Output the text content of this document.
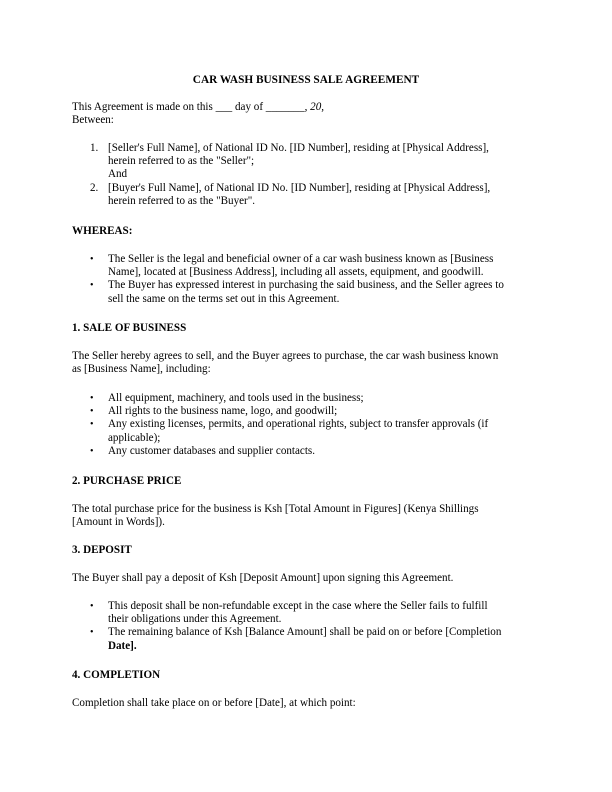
CAR WASH BUSINESS SALE AGREEMENT
This Agreement is made on this ___ day of _______, 20,
Between:
1. [Seller's Full Name], of National ID No. [ID Number], residing at [Physical Address],
herein referred to as the "Seller";
And
2. [Buyer's Full Name], of National ID No. [ID Number], residing at [Physical Address],
herein referred to as the "Buyer".
WHEREAS:
• The Seller is the legal and beneficial owner of a car wash business known as [Business
Name], located at [Business Address], including all assets, equipment, and goodwill.
• The Buyer has expressed interest in purchasing the said business, and the Seller agrees to
sell the same on the terms set out in this Agreement.
1. SALE OF BUSINESS
The Seller hereby agrees to sell, and the Buyer agrees to purchase, the car wash business known
as [Business Name], including:
• All equipment, machinery, and tools used in the business;
• All rights to the business name, logo, and goodwill;
• Any existing licenses, permits, and operational rights, subject to transfer approvals (if
applicable);
• Any customer databases and supplier contacts.
2. PURCHASE PRICE
The total purchase price for the business is Ksh [Total Amount in Figures] (Kenya Shillings
[Amount in Words]).
3. DEPOSIT
The Buyer shall pay a deposit of Ksh [Deposit Amount] upon signing this Agreement.
• This deposit shall be non-refundable except in the case where the Seller fails to fulfill
their obligations under this Agreement.
• The remaining balance of Ksh [Balance Amount] shall be paid on or before [Completion
Date].
4. COMPLETION
Completion shall take place on or before [Date], at which point:
